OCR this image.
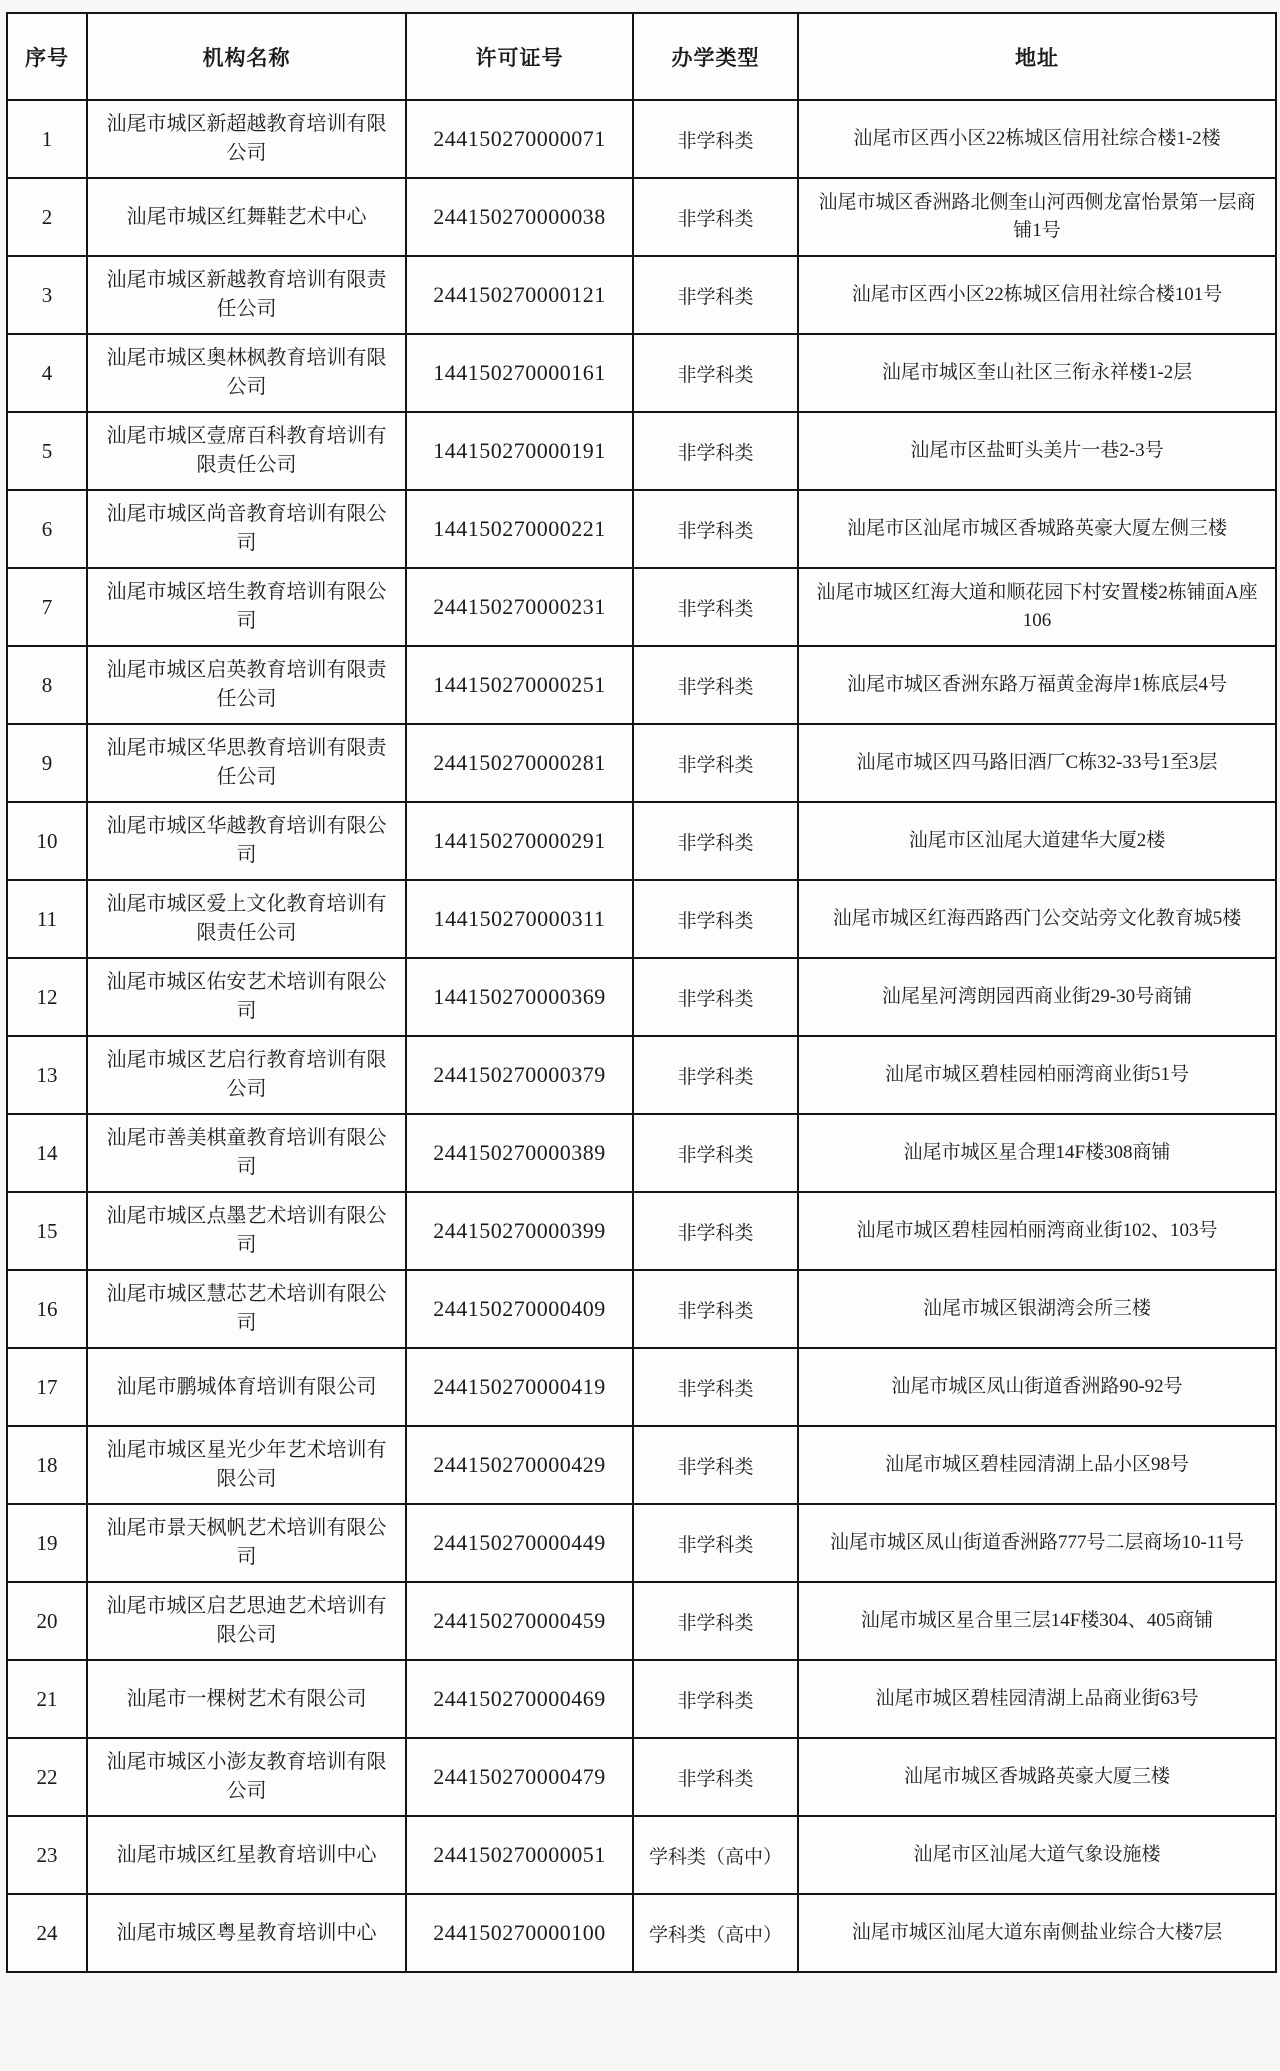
序号	机构名称	许可证号	办学类型	地址
1	汕尾市城区新超越教育培训有限公司	244150270000071	非学科类	汕尾市区西小区22栋城区信用社综合楼1-2楼
2	汕尾市城区红舞鞋艺术中心	244150270000038	非学科类	汕尾市城区香洲路北侧奎山河西侧龙富怡景第一层商铺1号
3	汕尾市城区新越教育培训有限责任公司	244150270000121	非学科类	汕尾市区西小区22栋城区信用社综合楼101号
4	汕尾市城区奥林枫教育培训有限公司	144150270000161	非学科类	汕尾市城区奎山社区三衔永祥楼1-2层
5	汕尾市城区壹席百科教育培训有限责任公司	144150270000191	非学科类	汕尾市区盐町头美片一巷2-3号
6	汕尾市城区尚音教育培训有限公司	144150270000221	非学科类	汕尾市区汕尾市城区香城路英豪大厦左侧三楼
7	汕尾市城区培生教育培训有限公司	244150270000231	非学科类	汕尾市城区红海大道和顺花园下村安置楼2栋铺面A座106
8	汕尾市城区启英教育培训有限责任公司	144150270000251	非学科类	汕尾市城区香洲东路万福黄金海岸1栋底层4号
9	汕尾市城区华思教育培训有限责任公司	244150270000281	非学科类	汕尾市城区四马路旧酒厂C栋32-33号1至3层
10	汕尾市城区华越教育培训有限公司	144150270000291	非学科类	汕尾市区汕尾大道建华大厦2楼
11	汕尾市城区爱上文化教育培训有限责任公司	144150270000311	非学科类	汕尾市城区红海西路西门公交站旁文化教育城5楼
12	汕尾市城区佑安艺术培训有限公司	144150270000369	非学科类	汕尾星河湾朗园西商业街29-30号商铺
13	汕尾市城区艺启行教育培训有限公司	244150270000379	非学科类	汕尾市城区碧桂园柏丽湾商业街51号
14	汕尾市善美棋童教育培训有限公司	244150270000389	非学科类	汕尾市城区星合理14F楼308商铺
15	汕尾市城区点墨艺术培训有限公司	244150270000399	非学科类	汕尾市城区碧桂园柏丽湾商业街102、103号
16	汕尾市城区慧芯艺术培训有限公司	244150270000409	非学科类	汕尾市城区银湖湾会所三楼
17	汕尾市鹏城体育培训有限公司	244150270000419	非学科类	汕尾市城区凤山街道香洲路90-92号
18	汕尾市城区星光少年艺术培训有限公司	244150270000429	非学科类	汕尾市城区碧桂园清湖上品小区98号
19	汕尾市景天枫帆艺术培训有限公司	244150270000449	非学科类	汕尾市城区凤山街道香洲路777号二层商场10-11号
20	汕尾市城区启艺思迪艺术培训有限公司	244150270000459	非学科类	汕尾市城区星合里三层14F楼304、405商铺
21	汕尾市一棵树艺术有限公司	244150270000469	非学科类	汕尾市城区碧桂园清湖上品商业街63号
22	汕尾市城区小澎友教育培训有限公司	244150270000479	非学科类	汕尾市城区香城路英豪大厦三楼
23	汕尾市城区红星教育培训中心	244150270000051	学科类（高中）	汕尾市区汕尾大道气象设施楼
24	汕尾市城区粤星教育培训中心	244150270000100	学科类（高中）	汕尾市城区汕尾大道东南侧盐业综合大楼7层
